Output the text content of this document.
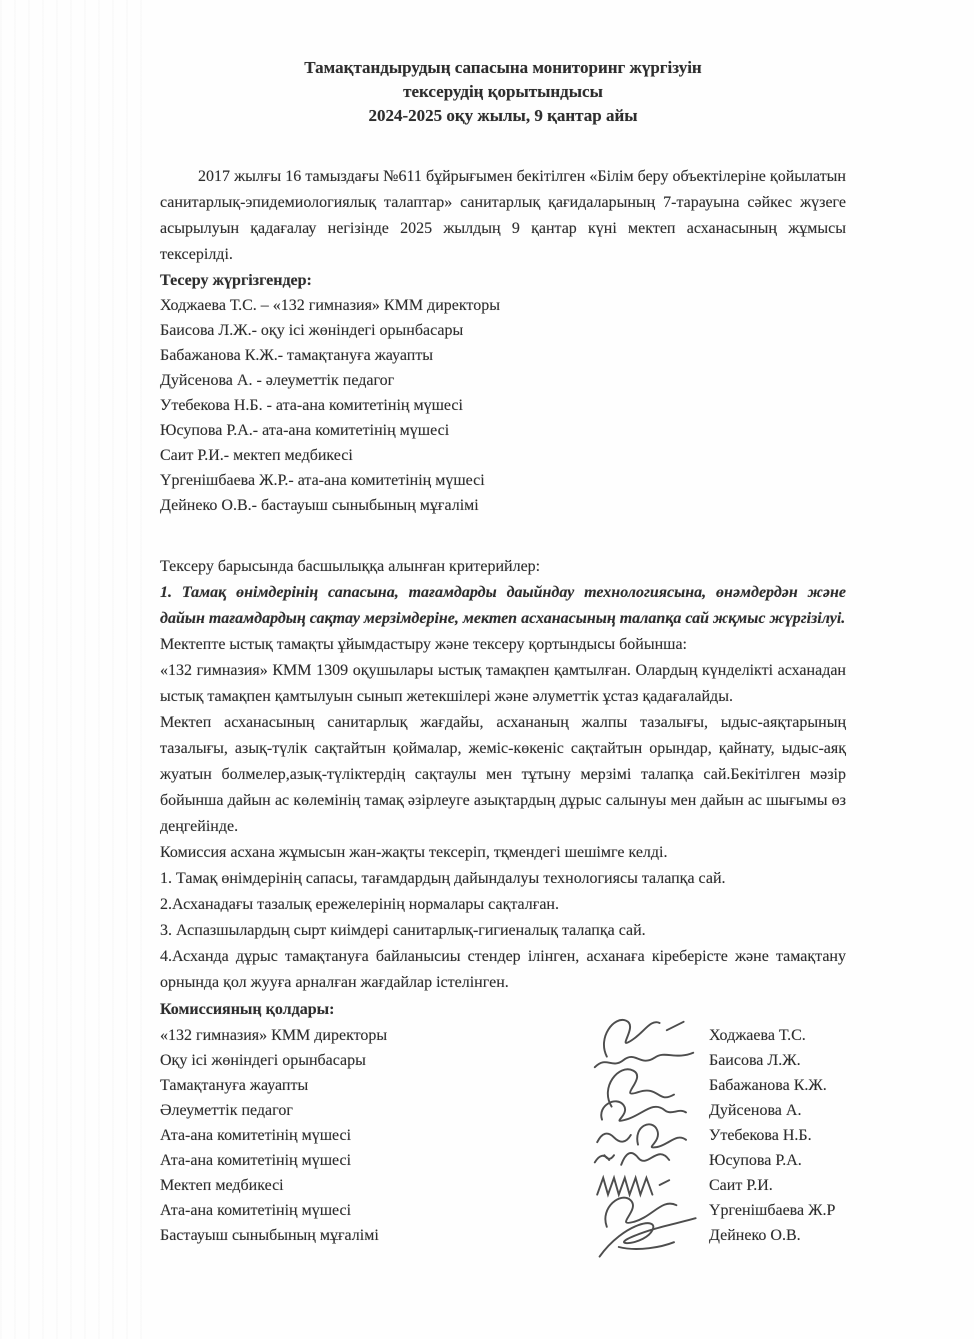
Тамақтандырудың сапасына мониторинг жүргізуін
тексерудің қорытындысы
2024-2025 оқу жылы, 9 қантар айы

2017 жылғы 16 тамыздағы №611 бұйрығымен бекітілген «Білім беру объектілеріне қойылатын санитарлық-эпидемиологиялық талаптар» санитарлық қағидаларының 7-тарауына сәйкес жүзеге асырылуын қадағалау негізінде 2025 жылдың 9 қантар күні мектеп асханасының жұмысы тексерілді.

Тесеру жүргізгендер:

Ходжаева Т.С. – «132 гимназия» КММ директоры

Баисова Л.Ж.- оқу ісі жөніндегі орынбасары

Бабажанова К.Ж.- тамақтануға жауапты

Дуйсенова А. - әлеуметтік педагог

Утебекова Н.Б. - ата-ана комитетінің мүшесі

Юсупова Р.А.- ата-ана комитетінің мүшесі

Саит Р.И.- мектеп медбикесі

Үргенішбаева Ж.Р.- ата-ана комитетінің мүшесі

Дейнеко О.В.- бастауыш сыныбының мұғалімі

Тексеру барысында басшылыққа алынған критерийлер:

1. Тамақ өнімдерінің сапасына, тағамдарды даыйндау технологиясына, өнәмдердән және дайын тағамдардың сақтау мерзімдеріне, мектеп асханасының талапқа сай жқмыс жүргізілуі.

Мектепте ыстық тамақты ұйымдастыру және тексеру қортындысы бойынша:

«132 гимназия» КММ 1309 оқушылары ыстық тамақпен қамтылған. Олардың күнделікті асханадан ыстық тамақпен қамтылуын сынып жетекшілері және әлуметтік ұстаз қадағалайды.

Мектеп асханасының санитарлық жағдайы, асхананың жалпы тазалығы, ыдыс-аяқтарының тазалығы, азық-түлік сақтайтын қоймалар, жеміс-көкеніс сақтайтын орындар, қайнату, ыдыс-аяқ жуатын болмелер,азық-түліктердің сақтаулы мен тұтыну мерзімі талапқа сай.Бекітілген мәзір бойынша дайын ас көлемінің тамақ әзірлеуге азықтардың дұрыс салынуы мен дайын ас шығымы өз деңгейінде.

Комиссия асхана жұмысын жан-жақты тексеріп, тқмендегі шешімге келді.

1. Тамақ өнімдерінің сапасы, тағамдардың дайындалуы технологиясы талапқа сай.

2.Асханадағы тазалық ережелерінің нормалары сақталған.

3. Аспазшылардың сырт киімдері санитарлық-гигиеналық талапқа сай.

4.Асханда дұрыс тамақтануға байланысиы стендер ілінген, асханаға кіреберісте және тамақтану орнында қол жууға арналған жағдайлар істелінген.

Комиссияның қолдары:

«132 гимназия» КММ директоры	Ходжаева Т.С.
Оқу ісі жөніндегі орынбасары	Баисова Л.Ж.
Тамақтануға жауапты	Бабажанова К.Ж.
Әлеуметтік педагог	Дуйсенова А.
Ата-ана комитетінің мүшесі	Утебекова Н.Б.
Ата-ана комитетінің мүшесі	Юсупова Р.А.
Мектеп медбикесі	Саит Р.И.
Ата-ана комитетінің мүшесі	Үргенішбаева Ж.Р
Бастауыш сыныбының мұғалімі	Дейнеко О.В.
